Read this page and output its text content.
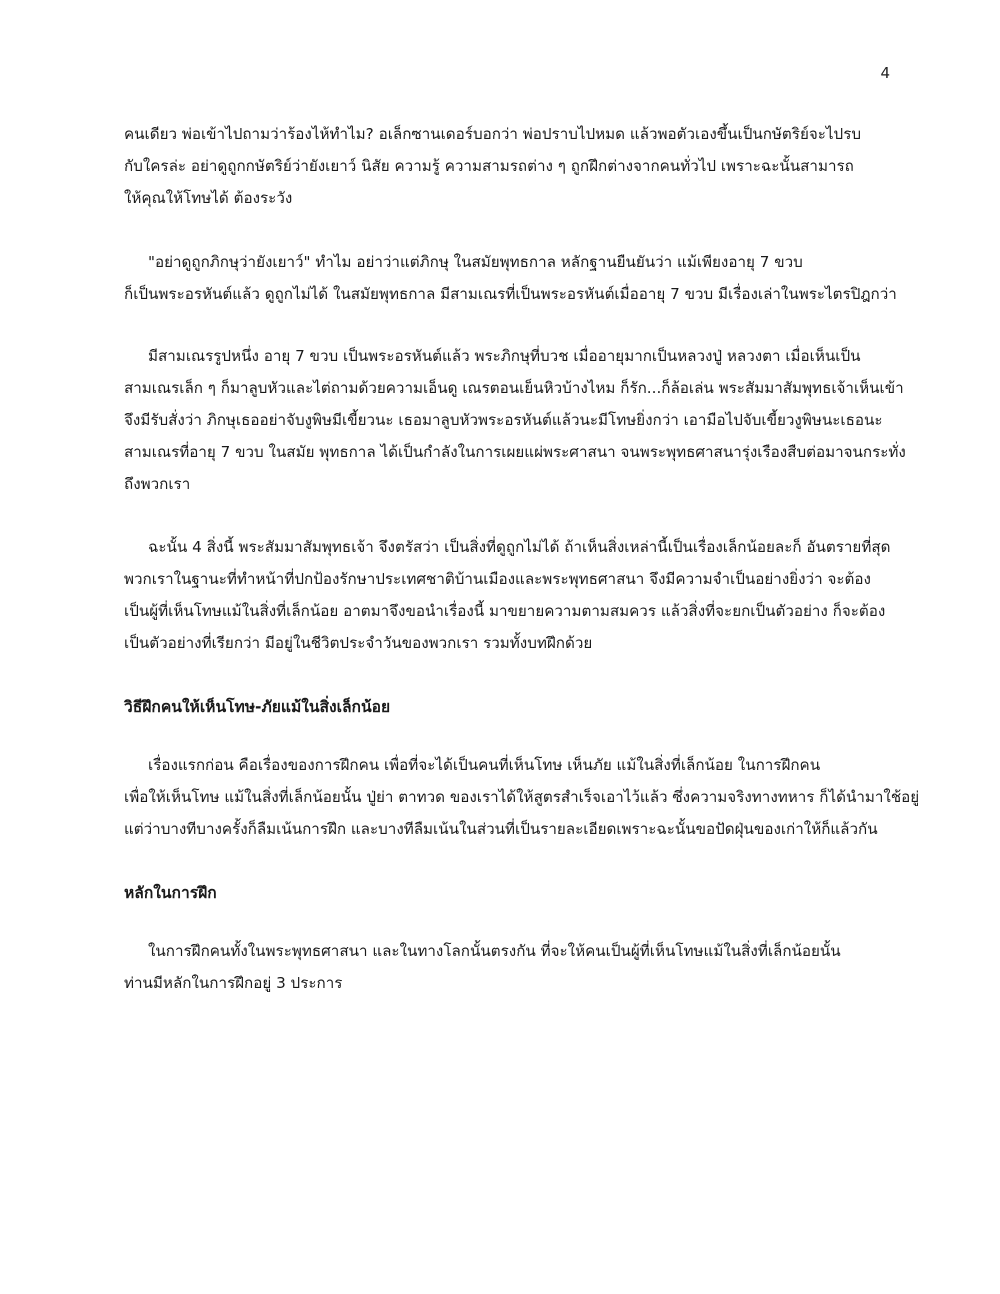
4

คนเดียว พ่อเข้าไปถามว่าร้องไห้ทำไม? อเล็กซานเดอร์บอกว่า พ่อปราบไปหมด แล้วพอตัวเองขึ้นเป็นกษัตริย์จะไปรบ
กับใครล่ะ อย่าดูถูกกษัตริย์ว่ายังเยาว์ นิสัย ความรู้ ความสามรถต่าง ๆ ถูกฝึกต่างจากคนทั่วไป เพราะฉะนั้นสามารถ
ให้คุณให้โทษได้ ต้องระวัง

"อย่าดูถูกภิกษุว่ายังเยาว์" ทำไม อย่าว่าแต่ภิกษุ ในสมัยพุทธกาล หลักฐานยืนยันว่า แม้เพียงอายุ 7 ขวบ
ก็เป็นพระอรหันต์แล้ว ดูถูกไม่ได้ ในสมัยพุทธกาล มีสามเณรที่เป็นพระอรหันต์เมื่ออายุ 7 ขวบ มีเรื่องเล่าในพระไตรปิฎกว่า

มีสามเณรรูปหนึ่ง อายุ 7 ขวบ เป็นพระอรหันต์แล้ว พระภิกษุที่บวช เมื่ออายุมากเป็นหลวงปู่ หลวงตา เมื่อเห็นเป็น
สามเณรเล็ก ๆ ก็มาลูบหัวและไต่ถามด้วยความเอ็นดู เณรตอนเย็นหิวบ้างไหม ก็รัก...ก็ล้อเล่น พระสัมมาสัมพุทธเจ้าเห็นเข้า
จึงมีรับสั่งว่า ภิกษุเธออย่าจับงูพิษมีเขี้ยวนะ เธอมาลูบหัวพระอรหันต์แล้วนะมีโทษยิ่งกว่า เอามือไปจับเขี้ยวงูพิษนะเธอนะ
สามเณรที่อายุ 7 ขวบ ในสมัย พุทธกาล ได้เป็นกำลังในการเผยแผ่พระศาสนา จนพระพุทธศาสนารุ่งเรืองสืบต่อมาจนกระทั่ง
ถึงพวกเรา

ฉะนั้น 4 สิ่งนี้ พระสัมมาสัมพุทธเจ้า จึงตรัสว่า เป็นสิ่งที่ดูถูกไม่ได้ ถ้าเห็นสิ่งเหล่านี้เป็นเรื่องเล็กน้อยละก็ อันตรายที่สุด
พวกเราในฐานะที่ทำหน้าที่ปกป้องรักษาประเทศชาติบ้านเมืองและพระพุทธศาสนา จึงมีความจำเป็นอย่างยิ่งว่า จะต้อง
เป็นผู้ที่เห็นโทษแม้ในสิ่งที่เล็กน้อย อาตมาจึงขอนำเรื่องนี้ มาขยายความตามสมควร แล้วสิ่งที่จะยกเป็นตัวอย่าง ก็จะต้อง
เป็นตัวอย่างที่เรียกว่า มีอยู่ในชีวิตประจำวันของพวกเรา รวมทั้งบทฝึกด้วย

วิธีฝึกคนให้เห็นโทษ-ภัยแม้ในสิ่งเล็กน้อย

เรื่องแรกก่อน คือเรื่องของการฝึกคน เพื่อที่จะได้เป็นคนที่เห็นโทษ เห็นภัย แม้ในสิ่งที่เล็กน้อย ในการฝึกคน
เพื่อให้เห็นโทษ แม้ในสิ่งที่เล็กน้อยนั้น ปู่ย่า ตาทวด ของเราได้ให้สูตรสำเร็จเอาไว้แล้ว ซึ่งความจริงทางทหาร ก็ได้นำมาใช้อยู่
แต่ว่าบางทีบางครั้งก็ลืมเน้นการฝึก และบางทีลืมเน้นในส่วนที่เป็นรายละเอียดเพราะฉะนั้นขอปัดฝุ่นของเก่าให้ก็แล้วกัน

หลักในการฝึก

ในการฝึกคนทั้งในพระพุทธศาสนา และในทางโลกนั้นตรงกัน ที่จะให้คนเป็นผู้ที่เห็นโทษแม้ในสิ่งที่เล็กน้อยนั้น
ท่านมีหลักในการฝึกอยู่ 3 ประการ
